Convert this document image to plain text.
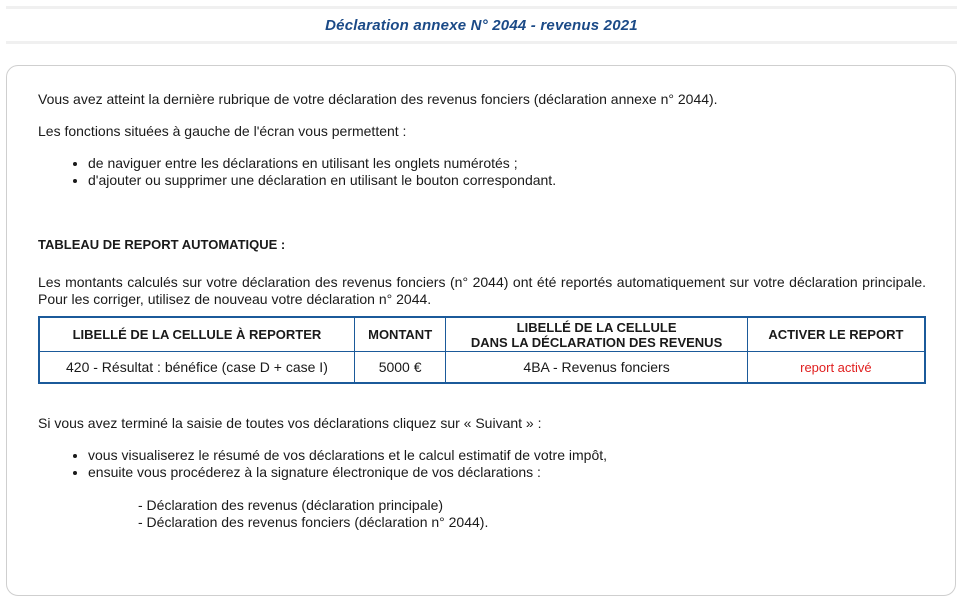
Déclaration annexe N° 2044 - revenus 2021

Vous avez atteint la dernière rubrique de votre déclaration des revenus fonciers (déclaration annexe n° 2044).

Les fonctions situées à gauche de l'écran vous permettent :

• de naviguer entre les déclarations en utilisant les onglets numérotés ;
• d'ajouter ou supprimer une déclaration en utilisant le bouton correspondant.

TABLEAU DE REPORT AUTOMATIQUE :

Les montants calculés sur votre déclaration des revenus fonciers (n° 2044) ont été reportés automatiquement sur votre déclaration principale. Pour les corriger, utilisez de nouveau votre déclaration n° 2044.

LIBELLÉ DE LA CELLULE À REPORTER	MONTANT	LIBELLÉ DE LA CELLULE
DANS LA DÉCLARATION DES REVENUS	ACTIVER LE REPORT
420 - Résultat : bénéfice (case D + case I)	5000 €	4BA - Revenus fonciers	report activé

Si vous avez terminé la saisie de toutes vos déclarations cliquez sur « Suivant » :

• vous visualiserez le résumé de vos déclarations et le calcul estimatif de votre impôt,
• ensuite vous procéderez à la signature électronique de vos déclarations :
- Déclaration des revenus (déclaration principale)
- Déclaration des revenus fonciers (déclaration n° 2044).
